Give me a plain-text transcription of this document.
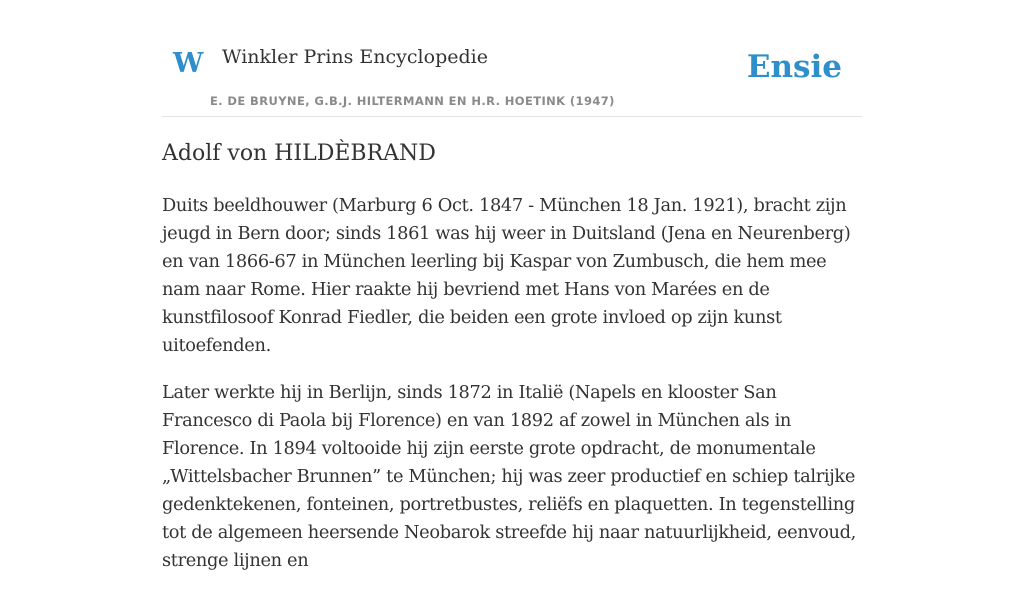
W Winkler Prins Encyclopedie
E. DE BRUYNE, G.B.J. HILTERMANN EN H.R. HOETINK (1947)
Ensie
Adolf von HILDÈBRAND

Duits beeldhouwer (Marburg 6 Oct. 1847 - München 18 Jan. 1921), bracht zijn jeugd in Bern door; sinds 1861 was hij weer in Duitsland (Jena en Neurenberg) en van 1866-67 in München leerling bij Kaspar von Zumbusch, die hem mee nam naar Rome. Hier raakte hij bevriend met Hans von Marées en de kunstfilosoof Konrad Fiedler, die beiden een grote invloed op zijn kunst uitoefenden.

Later werkte hij in Berlijn, sinds 1872 in Italië (Napels en klooster San Francesco di Paola bij Florence) en van 1892 af zowel in München als in Florence. In 1894 voltooide hij zijn eerste grote opdracht, de monumentale „Wittelsbacher Brunnen” te München; hij was zeer productief en schiep talrijke gedenktekenen, fonteinen, portretbustes, reliëfs en plaquetten. In tegenstelling tot de algemeen heersende Neobarok streefde hij naar natuurlijkheid, eenvoud, strenge lijnen en
